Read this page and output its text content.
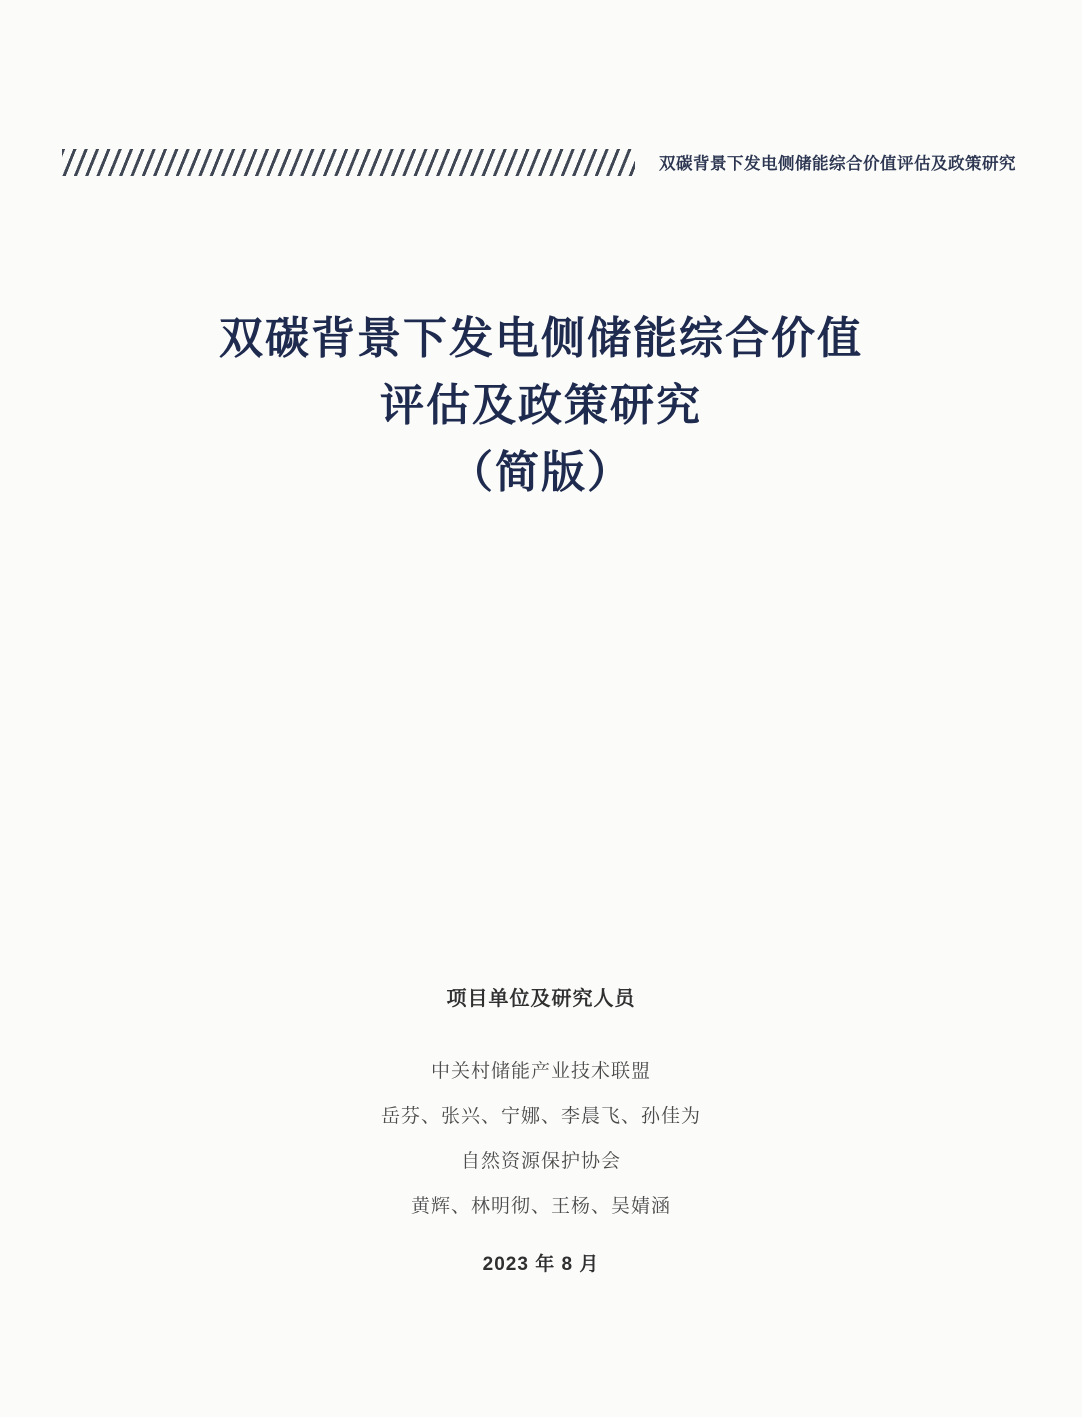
双碳背景下发电侧储能综合价值评估及政策研究
双碳背景下发电侧储能综合价值
评估及政策研究
（简版）
项目单位及研究人员
中关村储能产业技术联盟
岳芬、张兴、宁娜、李晨飞、孙佳为
自然资源保护协会
黄辉、林明彻、王杨、吴婧涵
2023 年 8 月
